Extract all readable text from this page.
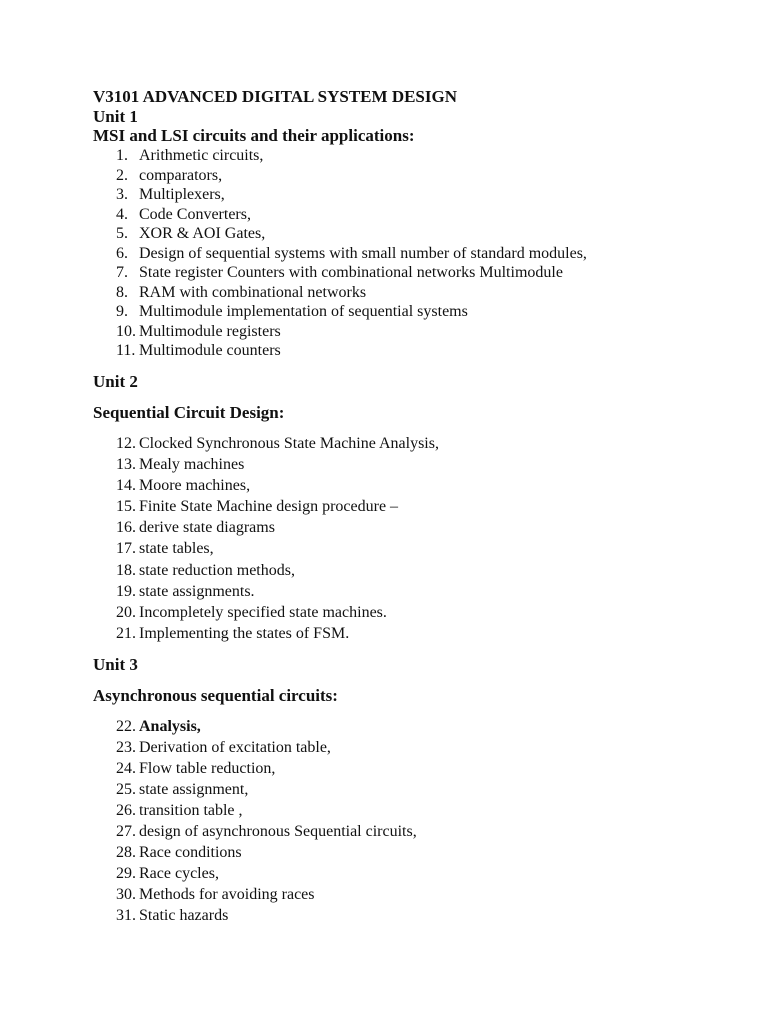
V3101 ADVANCED DIGITAL SYSTEM DESIGN
Unit 1
MSI and LSI circuits and their applications:
1. Arithmetic circuits,
2. comparators,
3. Multiplexers,
4. Code Converters,
5. XOR & AOI Gates,
6. Design of sequential systems with small number of standard modules,
7. State register Counters with combinational networks Multimodule
8. RAM with combinational networks
9. Multimodule implementation of sequential systems
10. Multimodule registers
11. Multimodule counters
Unit 2
Sequential Circuit Design:
12. Clocked Synchronous State Machine Analysis,
13. Mealy machines
14. Moore machines,
15. Finite State Machine design procedure –
16. derive state diagrams
17. state tables,
18. state reduction methods,
19. state assignments.
20. Incompletely specified state machines.
21. Implementing the states of FSM.
Unit 3
Asynchronous sequential circuits:
22. Analysis,
23. Derivation of excitation table,
24. Flow table reduction,
25. state assignment,
26. transition table ,
27. design of asynchronous Sequential circuits,
28. Race conditions
29. Race cycles,
30. Methods for avoiding races
31. Static hazards
